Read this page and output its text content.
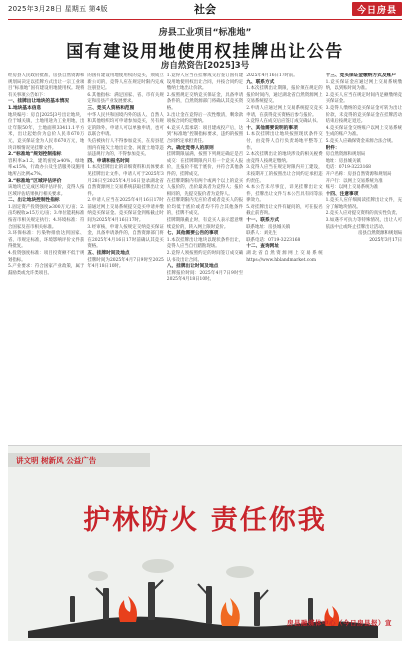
2025年3月28日 星期五 第4版	社会	今日房县
房县工业项目“标准地”
国有建设用地使用权挂牌出让公告
房自然资告[2025]3号

经房县人民政府批准，房县自然资源和规划局决定以挂牌方式出让一宗工业项目“标准地”国有建设用地使用权。现将有关事项公告如下：

一、挂牌出让地块的基本情况

1.地块基本信息

地块编号：房自[2025]3号出让地块，位于城关镇，土地用途为工业用地，出让年限50年，土地面积33411.1平方米，出让起始价为总价人民币670万元，竞买保证金为人民币670万元，地块详细情况见挂牌文件。

2.“标准地”规划控制指标

容积率≥1.2，建筑密度≥40%，绿地率≤15%，行政办公及生活服务设施用地所占比例≤7%。

3.“标准地”区域评估评价

该地块已完成区域评估评价，竞得人按区域评估结果执行相关要求。

二、出让地块控制性指标

1.固定资产投资强度≥300万元/亩；2.亩均税收≥15万元/亩；3.单位能耗标准按省市相关规定执行；4.环境标准：符合国家及省市相关标准。

3.环保标准：污染物排放达到国家、省、市规定标准，环境影响评价文件获得批复。

4.投资强度标准：项目投资额不低于规划指标。

5.产业要求：符合国家产业政策，属于鼓励类或允许类项目。

的国有建设用地使用权的竞买，须成立新公司的，竞得人应在规定时限内完成注册登记。

6.其他指标：满足国家、省、市有关规定和房县产业发展要求。

三、竞买人资格和范围

中华人民共和国境内外的法人、自然人和其他组织均可申请参加竞买，另有规定的除外。申请人可以单独申请，也可以联合申请。

失信被执行人不得参加竞买，在房县范围内有拖欠土地出让金、闲置土地等违法违规行为的，不得参加竞买。

四、申请和报名时间

1.本次挂牌出让的详细资料和具体要求见挂牌出让文件。申请人可于2025年3月28日至2025年4月16日登录湖北省自然资源网上交易系统获取挂牌出让文件。

2.申请人应当在2025年4月16日17时前通过网上交易系统提交竞买申请并缴纳竞买保证金。竞买保证金到账截止时间为2025年4月16日17时。

3.经审核，申请人按规定交纳竞买保证金，具备申请条件的，自然资源部门将在2025年4月16日17时前确认其竞买资格。

五、挂牌时间及地点

挂牌时间为2025年4月7日9时至2025年4月18日10时。

1.竞得人应当在挂牌成交后签订国有建设用地使用权出让合同，并按合同约定缴纳土地出让价款。

2.按照规定交纳竞买保证金，具备申请条件的，自然资源部门将确认其竞买资格。

3.出让金在竞得后一次性缴清，剩余款项按合同约定缴纳。

4.竞买人需承诺：项目建成投产后，达到“标准地”控制指标要求，违约的按照合同约定承担责任。

六、确定竞得人的原则

挂牌期限届满，按照下列规定确定是否成交：在挂牌期限内只有一个竞买人报价，且报价不低于底价，并符合其他条件的，挂牌成交。

在挂牌期限内有两个或两个以上的竞买人报价的，出价最高者为竞得人；报价相同的，先提交报价者为竞得人。

在挂牌期限内无应价者或者竞买人的报价均低于底价或者均不符合其他条件的，挂牌不成交。

挂牌期限截止时，有竞买人表示愿意继续竞价的，转入网上限时竞价。

七、其他需要公告的事项

1.本次挂牌出让地块以现状条件出让，竞得人应当自行踏勘现场。

2.竞得人须按照约定的时间签订成交确认书及出让合同。

八、挂牌出让时间及地点

挂牌报价时间：2025年4月7日9时至2025年4月18日10时。

2025年4月16日17时前。

九、联系方式

1.本次挂牌出让期限，报价须在规定的报价时间内，通过湖北省自然资源网上交易系统提交。

2.申请人应通过网上交易系统提交竞买申请，在获得竞买资格后参与报价。

3.竞得人在成交后应签订成交确认书。

十、其他需要说明的事项

1.本次挂牌出让地块按照现状条件交付，由竞得人自行负责场地平整等工作。

2.本次挂牌出让的地块涉及的相关税费由竞得人按规定缴纳。

3.竞得人应当在规定时限内开工建设，未按期开工的按照出让合同约定承担违约责任。

4.本公告未尽事宜，详见挂牌出让文件，挂牌出让文件与本公告具有同等法律效力。

5.对挂牌出让文件有疑问的，可在报名截止前咨询。

十一、联系方式

联系地址：房县城关镇

联系人：刘先生

联系电话：0719-3223168

十二、查询网址

湖北省自然资源网上交易系统 https://www.hblandmarket.com

十三、竞买保证金缴纳方式及账户

1.竞买保证金应通过网上交易系统缴纳，以到账时间为准。

2.竞买人应当在规定时间内足额缴纳竞买保证金。

3.竞得人缴纳的竞买保证金可转为出让价款，未竞得的竞买保证金在挂牌活动结束后按规定退还。

4.竞买保证金交纳账户以网上交易系统生成的账户为准。

5.竞买人应确保资金来源合法合规。

附件：

房自然资源和规划局

地址：房县城关镇

电话：0719-3223168

开户名称：房县自然资源和规划局

开户行：以网上交易系统为准

账号：以网上交易系统为准

十四、注意事项

1.竞买人应仔细阅读挂牌出让文件，充分了解地块情况。

2.竞买人应对提交资料的真实性负责。

3.如遇不可抗力等特殊情况，出让人可依法中止或终止挂牌出让活动。

房县自然资源和规划局

2025年3月17日

讲文明 树新风 公益广告
护林防火 责任你我
房县融媒体中心（今日房县报）宣
